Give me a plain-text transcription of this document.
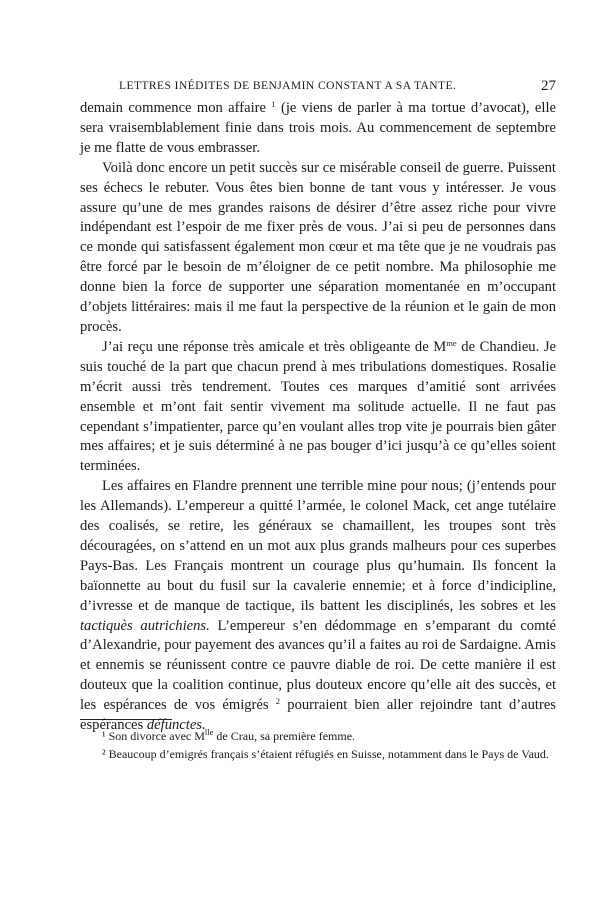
LETTRES INÉDITES DE BENJAMIN CONSTANT A SA TANTE.	27

demain commence mon affaire $^1$ (je viens de parler à ma tortue d’avocat), elle sera vraisemblablement finie dans trois mois. Au commencement de septembre je me flatte de vous embrasser.

Voilà donc encore un petit succès sur ce misérable conseil de guerre. Puissent ses échecs le rebuter. Vous êtes bien bonne de tant vous y intéresser. Je vous assure qu’une de mes grandes raisons de désirer d’être assez riche pour vivre indépendant est l’espoir de me fixer près de vous. J’ai si peu de personnes dans ce monde qui satisfassent également mon cœur et ma tête que je ne voudrais pas être forcé par le besoin de m’éloigner de ce petit nombre. Ma philosophie me donne bien la force de supporter une séparation momentanée en m’occupant d’objets littéraires: mais il me faut la perspective de la réunion et le gain de mon procès.

J’ai reçu une réponse très amicale et très obligeante de $M^{me}$ de Chandieu. Je suis touché de la part que chacun prend à mes tribulations domestiques. Rosalie m’écrit aussi très tendrement. Toutes ces marques d’amitié sont arrivées ensemble et m’ont fait sentir vivement ma solitude actuelle. Il ne faut pas cependant s’impatienter, parce qu’en voulant alles trop vite je pourrais bien gâter mes affaires; et je suis déterminé à ne pas bouger d’ici jusqu’à ce qu’elles soient terminées.

Les affaires en Flandre prennent une terrible mine pour nous; (j’entends pour les Allemands). L’empereur a quitté l’armée, le colonel Mack, cet ange tutélaire des coalisés, se retire, les généraux se chamaillent, les troupes sont très découragées, on s’attend en un mot aux plus grands malheurs pour ces superbes Pays-Bas. Les Français montrent un courage plus qu’humain. Ils foncent la baïonnette au bout du fusil sur la cavalerie ennemie; et à force d’indicipline, d’ivresse et de manque de tactique, ils battent les disciplinés, les sobres et les tactiquès autrichiens. L’empereur s’en dédommage en s’emparant du comté d’Alexandrie, pour payement des avances qu’il a faites au roi de Sardaigne. Amis et ennemis se réunissent contre ce pauvre diable de roi. De cette manière il est douteux que la coalition continue, plus douteux encore qu’elle ait des succès, et les espérances de vos émigrés $^2$ pourraient bien aller rejoindre tant d’autres espérances défunctes.

¹ Son divorce avec $M^{lle}$ de Crau, sa première femme.

² Beaucoup d’emigrés français s’étaient réfugiés en Suisse, notamment dans le Pays de Vaud.
